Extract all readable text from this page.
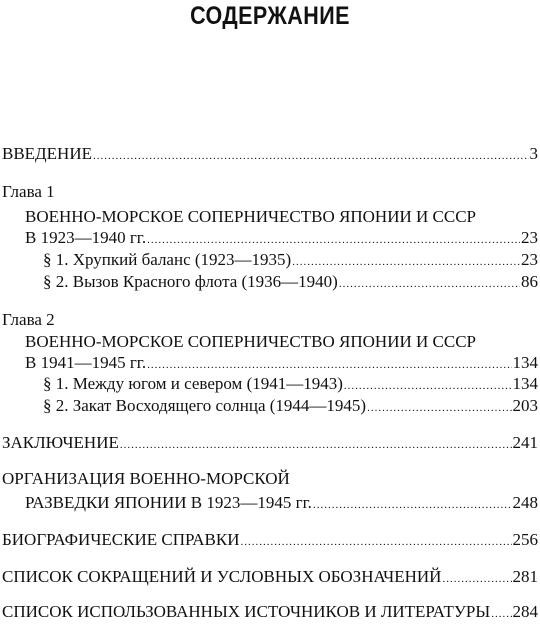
СОДЕРЖАНИЕ
ВВЕДЕНИЕ .....	3
Глава 1
ВОЕННО-МОРСКОЕ СОПЕРНИЧЕСТВО ЯПОНИИ И СССР
В 1923—1940 гг. .....	23
§ 1. Хрупкий баланс (1923—1935) .....	23
§ 2. Вызов Красного флота (1936—1940) .....	86
Глава 2
ВОЕННО-МОРСКОЕ СОПЕРНИЧЕСТВО ЯПОНИИ И СССР
В 1941—1945 гг. .....	134
§ 1. Между югом и севером (1941—1943) .....	134
§ 2. Закат Восходящего солнца (1944—1945) .....	203
ЗАКЛЮЧЕНИЕ .....	241
ОРГАНИЗАЦИЯ ВОЕННО-МОРСКОЙ
РАЗВЕДКИ ЯПОНИИ В 1923—1945 гг. .....	248
БИОГРАФИЧЕСКИЕ СПРАВКИ .....	256
СПИСОК СОКРАЩЕНИЙ И УСЛОВНЫХ ОБОЗНАЧЕНИЙ .....	281
СПИСОК ИСПОЛЬЗОВАННЫХ ИСТОЧНИКОВ И ЛИТЕРАТУРЫ ..... 284
